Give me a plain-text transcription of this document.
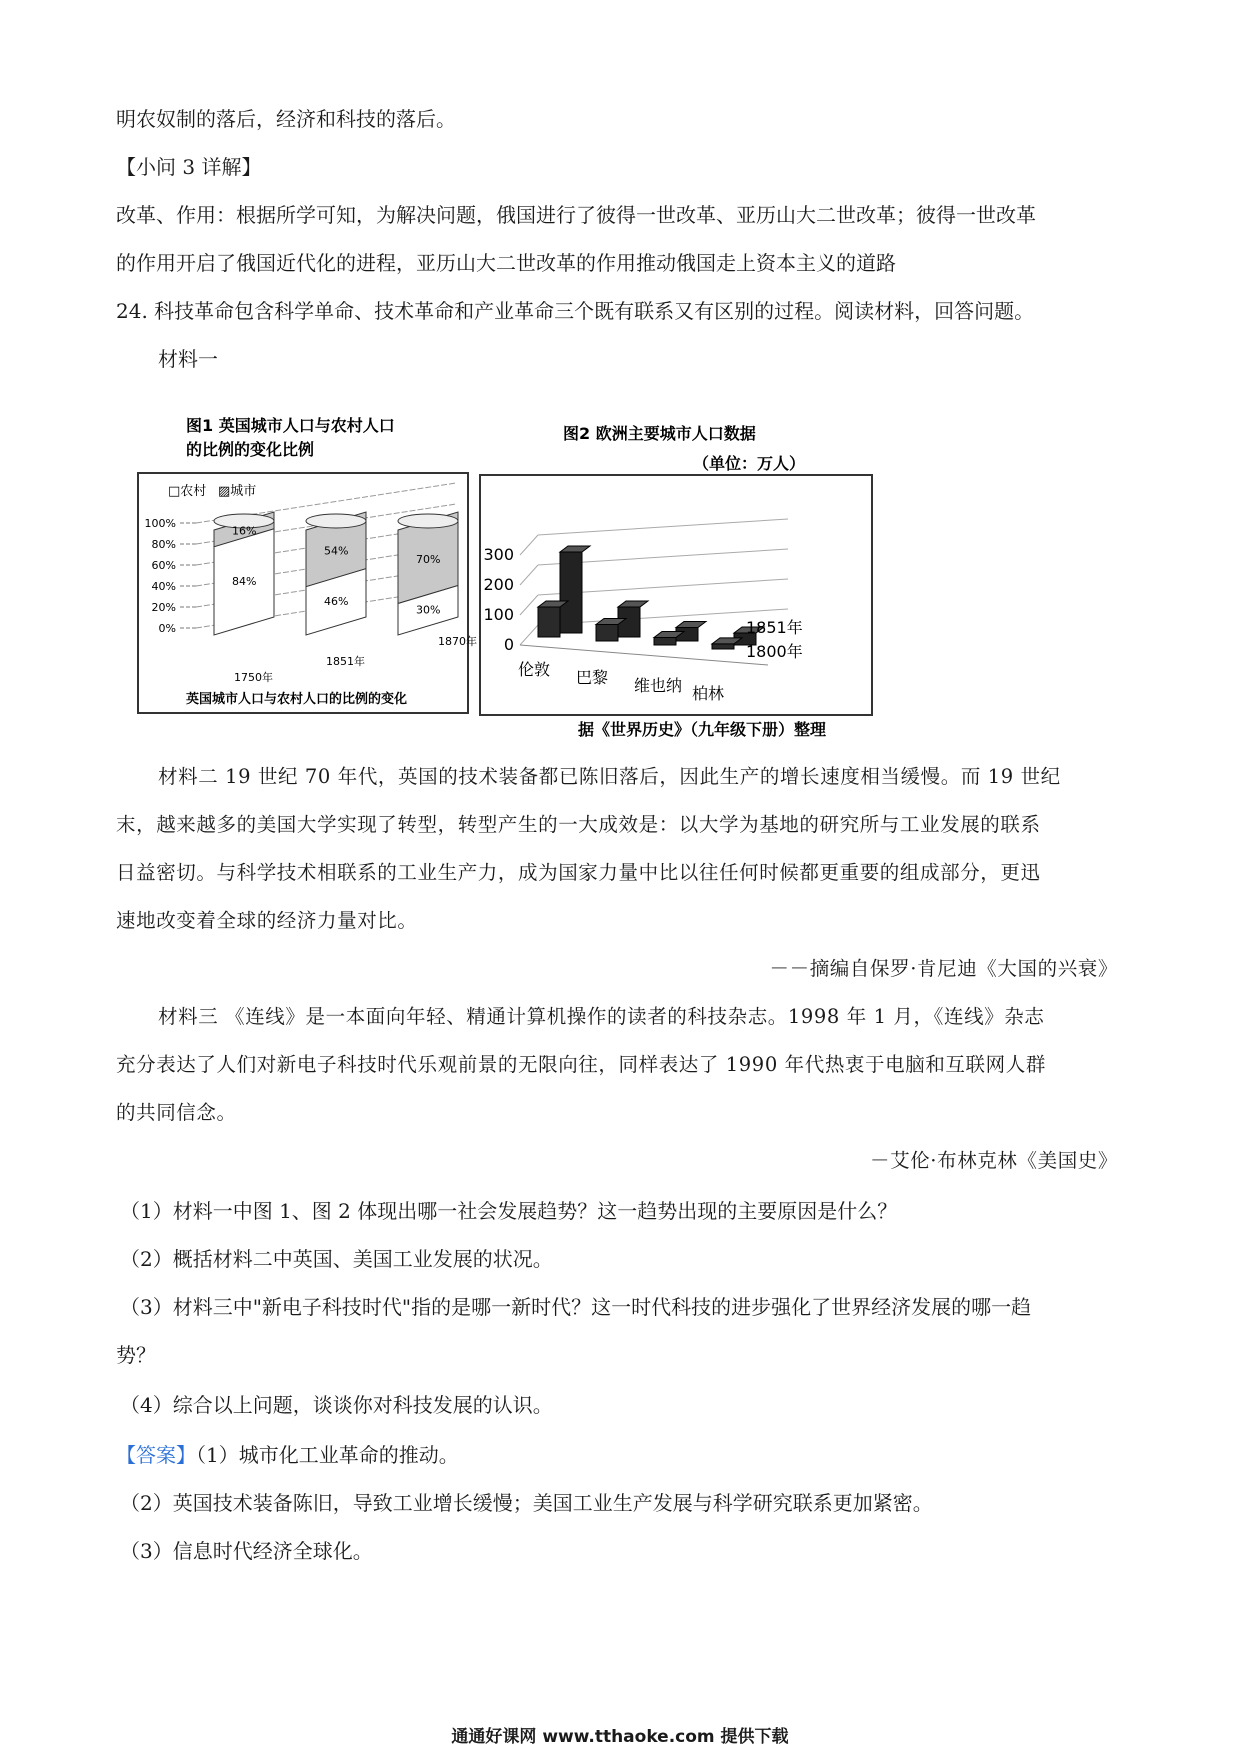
明农奴制的落后，经济和科技的落后。
【小问 3 详解】
改革、作用：根据所学可知，为解决问题，俄国进行了彼得一世改革、亚历山大二世改革；彼得一世改革
的作用开启了俄国近代化的进程，亚历山大二世改革的作用推动俄国走上资本主义的道路
24. 科技革命包含科学单命、技术革命和产业革命三个既有联系又有区别的过程。阅读材料，回答问题。
材料一
图1 英国城市人口与农村人口
的比例的变化比例
□农村 ▨城市
100%
80%
60%
40%
20%
0%
16%
84%
1750年
54%
46%
1851年
70%
30%
1870年
英国城市人口与农村人口的比例的变化
图2 欧洲主要城市人口数据
（单位：万人）
300
200
100
0
伦敦 巴黎 维也纳 柏林
1851年
1800年
据《世界历史》（九年级下册）整理
材料二 19 世纪 70 年代，英国的技术装备都已陈旧落后，因此生产的增长速度相当缓慢。而 19 世纪
末，越来越多的美国大学实现了转型，转型产生的一大成效是：以大学为基地的研究所与工业发展的联系
日益密切。与科学技术相联系的工业生产力，成为国家力量中比以往任何时候都更重要的组成部分，更迅
速地改变着全球的经济力量对比。
－－摘编自保罗·肯尼迪《大国的兴衰》
材料三 《连线》是一本面向年轻、精通计算机操作的读者的科技杂志。1998 年 1 月，《连线》杂志
充分表达了人们对新电子科技时代乐观前景的无限向往，同样表达了 1990 年代热衷于电脑和互联网人群
的共同信念。
－艾伦·布林克林《美国史》
（1）材料一中图 1、图 2 体现出哪一社会发展趋势？这一趋势出现的主要原因是什么？
（2）概括材料二中英国、美国工业发展的状况。
（3）材料三中"新电子科技时代"指的是哪一新时代？这一时代科技的进步强化了世界经济发展的哪一趋
势？
（4）综合以上问题，谈谈你对科技发展的认识。
【答案】（1）城市化工业革命的推动。
（2）英国技术装备陈旧，导致工业增长缓慢；美国工业生产发展与科学研究联系更加紧密。
（3）信息时代经济全球化。
通通好课网 www.tthaoke.com 提供下载
